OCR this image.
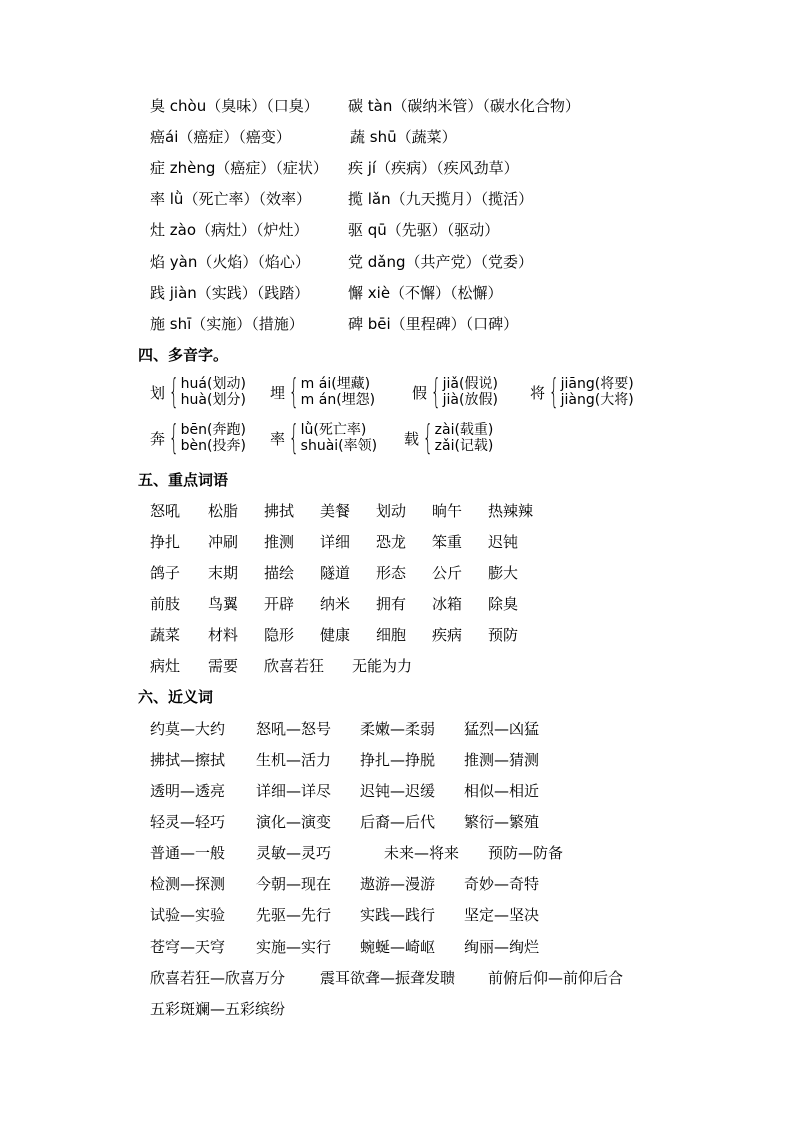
臭 chòu（臭味）（口臭） 碳 tàn（碳纳米管）（碳水化合物）
癌ái（癌症）（癌变）	蔬 shū（蔬菜）
症 zhèng（癌症）（症状） 疾 jí（疾病）（疾风劲草）
率 lǜ（死亡率）（效率） 揽 lǎn（九天揽月）（揽活）
灶 zào（病灶）（炉灶）	驱 qū（先驱）（驱动）
焰 yàn（火焰）（焰心）	党 dǎng（共产党）（党委）
践 jiàn（实践）（践踏）	懈 xiè（不懈）（松懈）
施 shī（实施）（措施）	碑 bēi（里程碑）（口碑）
四、多音字。
划 { huá(划动)
huà(划分) 埋 { m ái(埋藏)
m án(埋怨) 假 { jiǎ(假说)
jià(放假) 将 { jiāng(将要)
jiàng(大将)
奔 { bēn(奔跑)
bèn(投奔) 率 { lǜ(死亡率)
shuài(率领) 载 { zài(载重)
zǎi(记载)
五、重点词语
怒吼 松脂 拂拭 美餐 划动 晌午 热辣辣
挣扎 冲刷 推测 详细 恐龙 笨重 迟钝
鸽子 末期 描绘 隧道 形态 公斤 膨大
前肢 鸟翼 开辟 纳米 拥有 冰箱 除臭
蔬菜 材料 隐形 健康 细胞 疾病 预防
病灶 需要 欣喜若狂 无能为力
六、近义词
约莫—大约 怒吼—怒号 柔嫩—柔弱 猛烈—凶猛
拂拭—擦拭 生机—活力 挣扎—挣脱 推测—猜测
透明—透亮 详细—详尽 迟钝—迟缓 相似—相近
轻灵—轻巧 演化—演变 后裔—后代 繁衍—繁殖
普通—一般 灵敏—灵巧	未来—将来 预防—防备
检测—探测 今朝—现在 遨游—漫游 奇妙—奇特
试验—实验 先驱—先行 实践—践行 坚定—坚决
苍穹—天穹 实施—实行 蜿蜒—崎岖 绚丽—绚烂
欣喜若狂—欣喜万分 震耳欲聋—振聋发聩 前俯后仰—前仰后合
五彩斑斓—五彩缤纷
